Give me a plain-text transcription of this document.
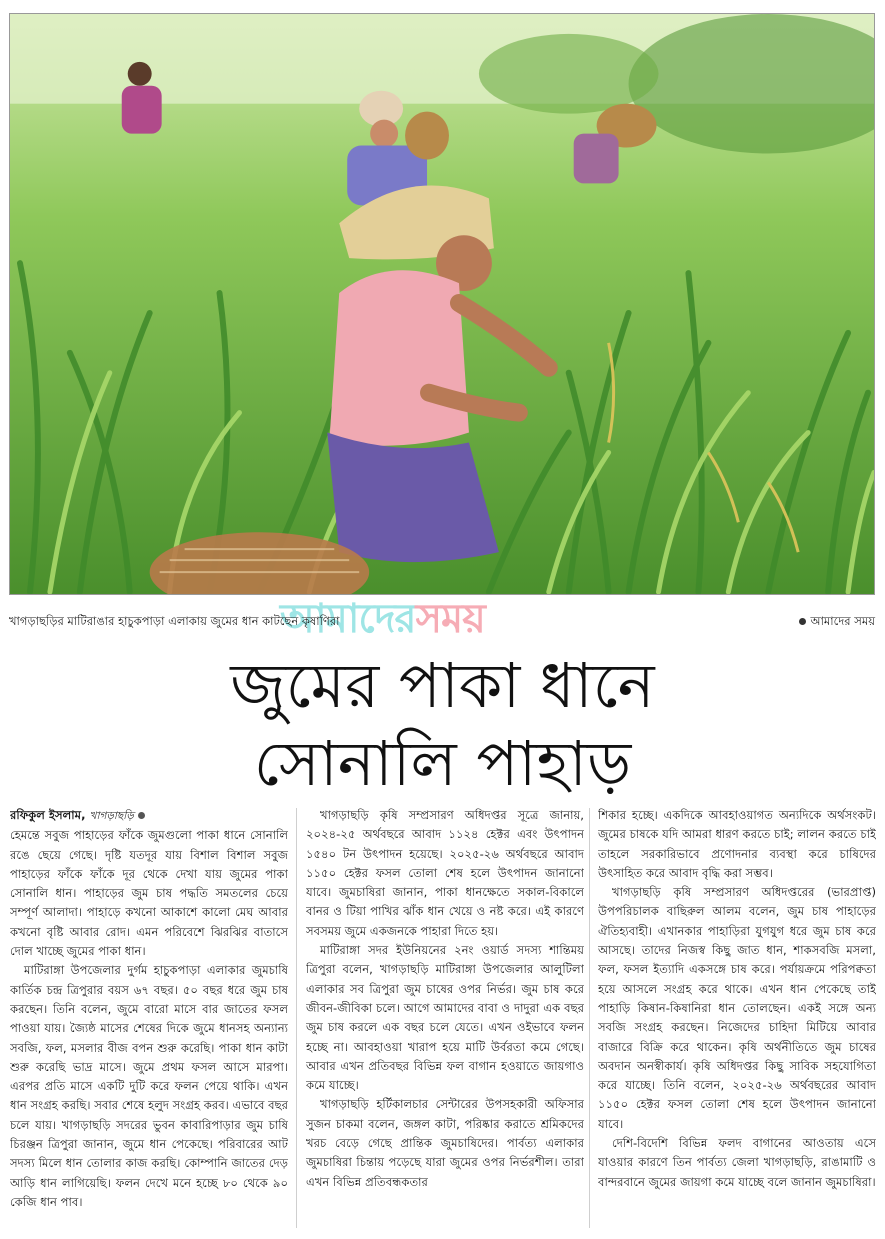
আমাদেরসময়
খাগড়াছড়ির মাটিরাঙার হাচুকপাড়া এলাকায় জুমের ধান কাটছেন কৃষাণিরা	আমাদের সময়
জুমের পাকা ধানে
সোনালি পাহাড়

রফিকুল ইসলাম, খাগড়াছড়ি

হেমন্তে সবুজ পাহাড়ের ফাঁকে জুমগুলো পাকা ধানে সোনালি রঙে ছেয়ে গেছে। দৃষ্টি যতদূর যায় বিশাল বিশাল সবুজ পাহাড়ের ফাঁকে ফাঁকে দূর থেকে দেখা যায় জুমের পাকা সোনালি ধান। পাহাড়ের জুম চাষ পদ্ধতি সমতলের চেয়ে সম্পূর্ণ আলাদা। পাহাড়ে কখনো আকাশে কালো মেঘ আবার কখনো বৃষ্টি আবার রোদ। এমন পরিবেশে ঝিরঝির বাতাসে দোল খাচ্ছে জুমের পাকা ধান।

মাটিরাঙ্গা উপজেলার দুর্গম হাচুকপাড়া এলাকার জুমচাষি কার্তিক চন্দ্র ত্রিপুরার বয়স ৬৭ বছর। ৫০ বছর ধরে জুম চাষ করছেন। তিনি বলেন, জুমে বারো মাসে বার জাতের ফসল পাওয়া যায়। জ্যৈষ্ঠ মাসের শেষের দিকে জুমে ধানসহ অন্যান্য সবজি, ফল, মসলার বীজ বপন শুরু করেছি। পাকা ধান কাটা শুরু করেছি ভাদ্র মাসে। জুমে প্রথম ফসল আসে মারপা। এরপর প্রতি মাসে একটি দুটি করে ফলন পেয়ে থাকি। এখন ধান সংগ্রহ করছি। সবার শেষে হলুদ সংগ্রহ করব। এভাবে বছর চলে যায়। খাগড়াছড়ি সদরের ভুবন কাবারিপাড়ার জুম চাষি চিরঞ্জন ত্রিপুরা জানান, জুমে ধান পেকেছে। পরিবারের আট সদস্য মিলে ধান তোলার কাজ করছি। কোম্পানি জাতের দেড় আড়ি ধান লাগিয়েছি। ফলন দেখে মনে হচ্ছে ৮০ থেকে ৯০ কেজি ধান পাব।

খাগড়াছড়ি কৃষি সম্প্রসারণ অধিদপ্তর সূত্রে জানায়, ২০২৪-২৫ অর্থবছরে আবাদ ১১২৪ হেক্টর এবং উৎপাদন ১৫৪০ টন উৎপাদন হয়েছে। ২০২৫-২৬ অর্থবছরে আবাদ ১১৫০ হেক্টর ফসল তোলা শেষ হলে উৎপাদন জানানো যাবে। জুমচাষিরা জানান, পাকা ধানক্ষেতে সকাল-বিকালে বানর ও টিয়া পাখির ঝাঁক ধান খেয়ে ও নষ্ট করে। এই কারণে সবসময় জুমে একজনকে পাহারা দিতে হয়।

মাটিরাঙ্গা সদর ইউনিয়নের ২নং ওয়ার্ড সদস্য শান্তিময় ত্রিপুরা বলেন, খাগড়াছড়ি মাটিরাঙ্গা উপজেলার আলুটিলা এলাকার সব ত্রিপুরা জুম চাষের ওপর নির্ভর। জুম চাষ করে জীবন-জীবিকা চলে। আগে আমাদের বাবা ও দাদুরা এক বছর জুম চাষ করলে এক বছর চলে যেতে। এখন ওইভাবে ফলন হচ্ছে না। আবহাওয়া খারাপ হয়ে মাটি উর্বরতা কমে গেছে। আবার এখন প্রতিবছর বিভিন্ন ফল বাগান হওয়াতে জায়গাও কমে যাচ্ছে।

খাগড়াছড়ি হর্টিকালচার সেন্টারের উপসহকারী অফিসার সুজন চাকমা বলেন, জঙ্গল কাটা, পরিষ্কার করাতে শ্রমিকদের খরচ বেড়ে গেছে প্রান্তিক জুমচাষিদের। পার্বত্য এলাকার জুমচাষিরা চিন্তায় পড়েছে যারা জুমের ওপর নির্ভরশীল। তারা এখন বিভিন্ন প্রতিবন্ধকতার

শিকার হচ্ছে। একদিকে আবহাওয়াগত অন্যদিকে অর্থসংকট। জুমের চাষকে যদি আমরা ধারণ করতে চাই; লালন করতে চাই তাহলে সরকারিভাবে প্রণোদনার ব্যবস্থা করে চাষিদের উৎসাহিত করে আবাদ বৃদ্ধি করা সম্ভব।

খাগড়াছড়ি কৃষি সম্প্রসারণ অধিদপ্তরের (ভারপ্রাপ্ত) উপপরিচালক বাছিরুল আলম বলেন, জুম চাষ পাহাড়ের ঐতিহ্যবাহী। এখানকার পাহাড়িরা যুগযুগ ধরে জুম চাষ করে আসছে। তাদের নিজস্ব কিছু জাত ধান, শাকসবজি মসলা, ফল, ফসল ইত্যাদি একসঙ্গে চাষ করে। পর্যায়ক্রমে পরিপক্বতা হয়ে আসলে সংগ্রহ করে থাকে। এখন ধান পেকেছে তাই পাহাড়ি কিষান-কিষানিরা ধান তোলছেন। একই সঙ্গে অন্য সবজি সংগ্রহ করছেন। নিজেদের চাহিদা মিটিয়ে আবার বাজারে বিক্রি করে থাকেন। কৃষি অর্থনীতিতে জুম চাষের অবদান অনস্বীকার্য। কৃষি অধিদপ্তর কিছু সাবিক সহযোগিতা করে যাচ্ছে। তিনি বলেন, ২০২৫-২৬ অর্থবছরের আবাদ ১১৫০ হেক্টর ফসল তোলা শেষ হলে উৎপাদন জানানো যাবে।

দেশি-বিদেশি বিভিন্ন ফলদ বাগানের আওতায় এসে যাওয়ার কারণে তিন পার্বত্য জেলা খাগড়াছড়ি, রাঙামাটি ও বান্দরবানে জুমের জায়গা কমে যাচ্ছে বলে জানান জুমচাষিরা।
